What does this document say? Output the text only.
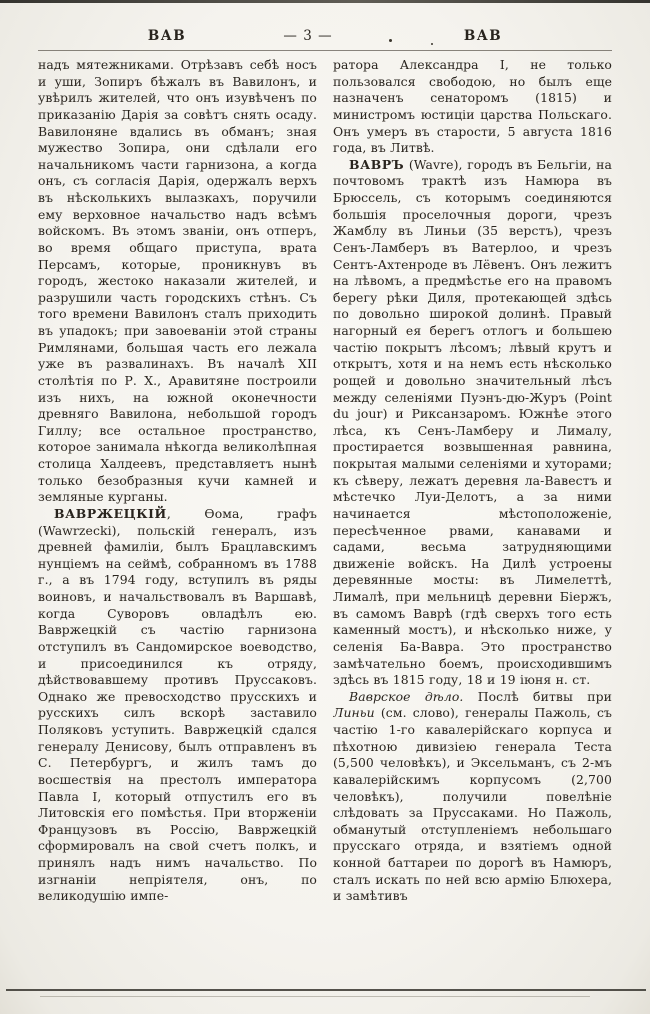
ВАВ	— 3 —	ВАВ

надъ мятежниками. Отрѣзавъ себѣ носъ и уши, Зопиръ бѣжалъ въ Вавилонъ, и увѣрилъ жителей, что онъ изувѣченъ по приказанію Дарія за совѣтъ снять осаду. Вавилоняне вдались въ обманъ; зная мужество Зопира, они сдѣлали его начальникомъ части гарнизона, а когда онъ, съ согласія Дарія, одержалъ верхъ въ нѣсколькихъ вылазкахъ, поручили ему верховное начальство надъ всѣмъ войскомъ. Въ этомъ званіи, онъ отперъ, во время общаго приступа, врата Персамъ, которые, проникнувъ въ городъ, жестоко наказали жителей, и разрушили часть городскихъ стѣнъ. Съ того времени Вавилонъ сталъ приходить въ упадокъ; при завоеваніи этой страны Римлянами, большая часть его лежала уже въ развалинахъ. Въ началѣ XII столѣтія по Р. Х., Аравитяне построили изъ нихъ, на южной оконечности древняго Вавилона, небольшой городъ Гиллу; все остальное пространство, которое занимала нѣкогда великолѣпная столица Халдеевъ, представляетъ нынѣ только безобразныя кучи камней и земляные курганы.

ВАВРЖЕЦКІЙ, Ѳома, графъ (Wawrzecki), польскій генералъ, изъ древней фамиліи, былъ Брацлавскимъ нунціемъ на сеймѣ, собранномъ въ 1788 г., а въ 1794 году, вступилъ въ ряды воиновъ, и начальствовалъ въ Варшавѣ, когда Суворовъ овладѣлъ ею. Вавржецкій съ частію гарнизона отступилъ въ Сандомирское воеводство, и присоединился къ отряду, дѣйствовавшему противъ Пруссаковъ. Однако же превосходство прусскихъ и русскихъ силъ вскорѣ заставило Поляковъ уступить. Вавржецкій сдался генералу Денисову, былъ отправленъ въ С. Петербургъ, и жилъ тамъ до восшествія на престолъ императора Павла I, который отпустилъ его въ Литовскія его помѣстья. При вторженіи Французовъ въ Россію, Вавржецкій сформировалъ на свой счетъ полкъ, и принялъ надъ нимъ начальство. По изгнаніи непріятеля, онъ, по великодушію импе-

ратора Александра I, не только пользовался свободою, но былъ еще назначенъ сенаторомъ (1815) и министромъ юстиціи царства Польскаго. Онъ умеръ въ старости, 5 августа 1816 года, въ Литвѣ.

ВАВРЪ (Wavre), городъ въ Бельгіи, на почтовомъ трактѣ изъ Намюра въ Брюссель, съ которымъ соединяются большія проселочныя дороги, чрезъ Жамблу въ Линьи (35 верстъ), чрезъ Сенъ-Ламберъ въ Ватерлоо, и чрезъ Сентъ-Ахтенроде въ Лёвенъ. Онъ лежитъ на лѣвомъ, а предмѣстье его на правомъ берегу рѣки Диля, протекающей здѣсь по довольно широкой долинѣ. Правый нагорный ея берегъ отлогъ и большею частію покрытъ лѣсомъ; лѣвый крутъ и открытъ, хотя и на немъ есть нѣсколько рощей и довольно значительный лѣсъ между селеніями Пуэнъ-дю-Журъ (Point du jour) и Риксанзаромъ. Южнѣе этого лѣса, къ Сенъ-Ламберу и Лималу, простирается возвышенная равнина, покрытая малыми селеніями и хуторами; къ сѣверу, лежатъ деревня ла-Вавестъ и мѣстечко Луи-Делотъ, а за ними начинается мѣстоположеніе, пересѣченное рвами, канавами и садами, весьма затрудняющими движеніе войскъ. На Дилѣ устроены деревянные мосты: въ Лимелеттѣ, Лималѣ, при мельницѣ деревни Біержъ, въ самомъ Ваврѣ (гдѣ сверхъ того есть каменный мостъ), и нѣсколько ниже, у селенія Ба-Вавра. Это пространство замѣчательно боемъ, происходившимъ здѣсь въ 1815 году, 18 и 19 іюня н. ст.

Ваврское дѣло. Послѣ битвы при Линьи (см. слово), генералы Пажоль, съ частію 1-го кавалерійскаго корпуса и пѣхотною дивизіею генерала Теста (5,500 человѣкъ), и Эксельманъ, съ 2-мъ кавалерійскимъ корпусомъ (2,700 человѣкъ), получили повелѣніе слѣдовать за Пруссаками. Но Пажоль, обманутый отступленіемъ небольшаго прусскаго отряда, и взятіемъ одной конной баттареи по дорогѣ въ Намюръ, сталъ искать по ней всю армію Блюхера, и замѣтивъ
